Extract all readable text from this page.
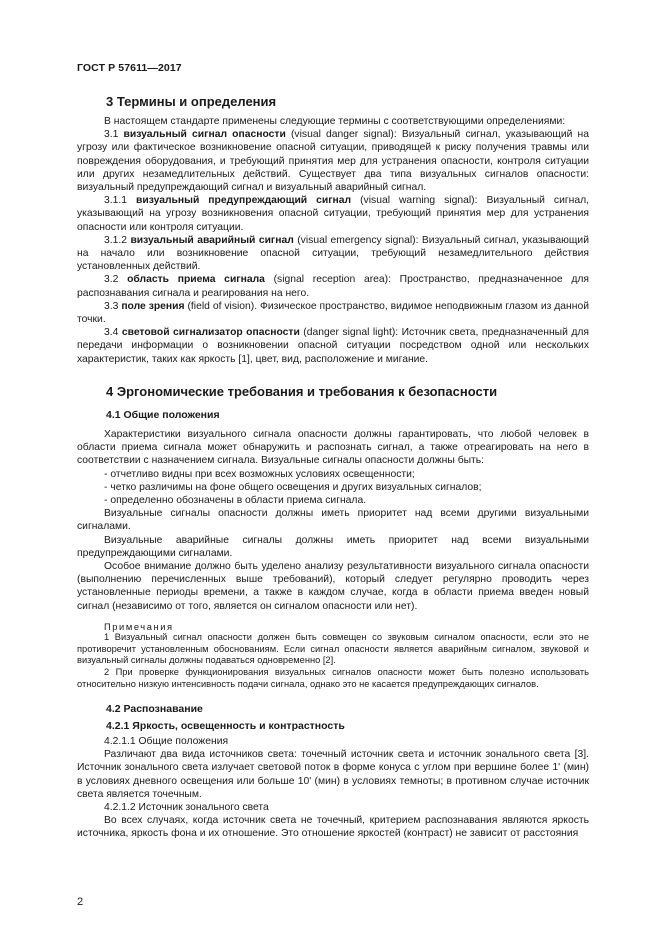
ГОСТ Р 57611—2017
3 Термины и определения

В настоящем стандарте применены следующие термины с соответствующими определениями:

3.1 визуальный сигнал опасности (visual danger signal): Визуальный сигнал, указывающий на угрозу или фактическое возникновение опасной ситуации, приводящей к риску получения травмы или повреждения оборудования, и требующий принятия мер для устранения опасности, контроля ситуации или других незамедлительных действий. Существует два типа визуальных сигналов опасности: визуальный предупреждающий сигнал и визуальный аварийный сигнал.

3.1.1 визуальный предупреждающий сигнал (visual warning signal): Визуальный сигнал, указывающий на угрозу возникновения опасной ситуации, требующий принятия мер для устранения опасности или контроля ситуации.

3.1.2 визуальный аварийный сигнал (visual emergency signal): Визуальный сигнал, указывающий на начало или возникновение опасной ситуации, требующий незамедлительного действия установленных действий.

3.2 область приема сигнала (signal reception area): Пространство, предназначенное для распознавания сигнала и реагирования на него.

3.3 поле зрения (field of vision). Физическое пространство, видимое неподвижным глазом из данной точки.

3.4 световой сигнализатор опасности (danger signal light): Источник света, предназначенный для передачи информации о возникновении опасной ситуации посредством одной или нескольких характеристик, таких как яркость [1], цвет, вид, расположение и мигание.

4 Эргономические требования и требования к безопасности
4.1 Общие положения

Характеристики визуального сигнала опасности должны гарантировать, что любой человек в области приема сигнала может обнаружить и распознать сигнал, а также отреагировать на него в соответствии с назначением сигнала. Визуальные сигналы опасности должны быть:

- отчетливо видны при всех возможных условиях освещенности;

- четко различимы на фоне общего освещения и других визуальных сигналов;

- определенно обозначены в области приема сигнала.

Визуальные сигналы опасности должны иметь приоритет над всеми другими визуальными сигналами.

Визуальные аварийные сигналы должны иметь приоритет над всеми визуальными предупреждающими сигналами.

Особое внимание должно быть уделено анализу результативности визуального сигнала опасности (выполнению перечисленных выше требований), который следует регулярно проводить через установленные периоды времени, а также в каждом случае, когда в области приема введен новый сигнал (независимо от того, является он сигналом опасности или нет).

Примечания

1 Визуальный сигнал опасности должен быть совмещен со звуковым сигналом опасности, если это не противоречит установленным обоснованиям. Если сигнал опасности является аварийным сигналом, звуковой и визуальный сигналы должны подаваться одновременно [2].

2 При проверке функционирования визуальных сигналов опасности может быть полезно использовать относительно низкую интенсивность подачи сигнала, однако это не касается предупреждающих сигналов.

4.2 Распознавание
4.2.1 Яркость, освещенность и контрастность

4.2.1.1 Общие положения

Различают два вида источников света: точечный источник света и источник зонального света [3]. Источник зонального света излучает световой поток в форме конуса с углом при вершине более 1' (мин) в условиях дневного освещения или больше 10' (мин) в условиях темноты; в противном случае источник света является точечным.

4.2.1.2 Источник зонального света

Во всех случаях, когда источник света не точечный, критерием распознавания являются яркость источника, яркость фона и их отношение. Это отношение яркостей (контраст) не зависит от расстояния

2
